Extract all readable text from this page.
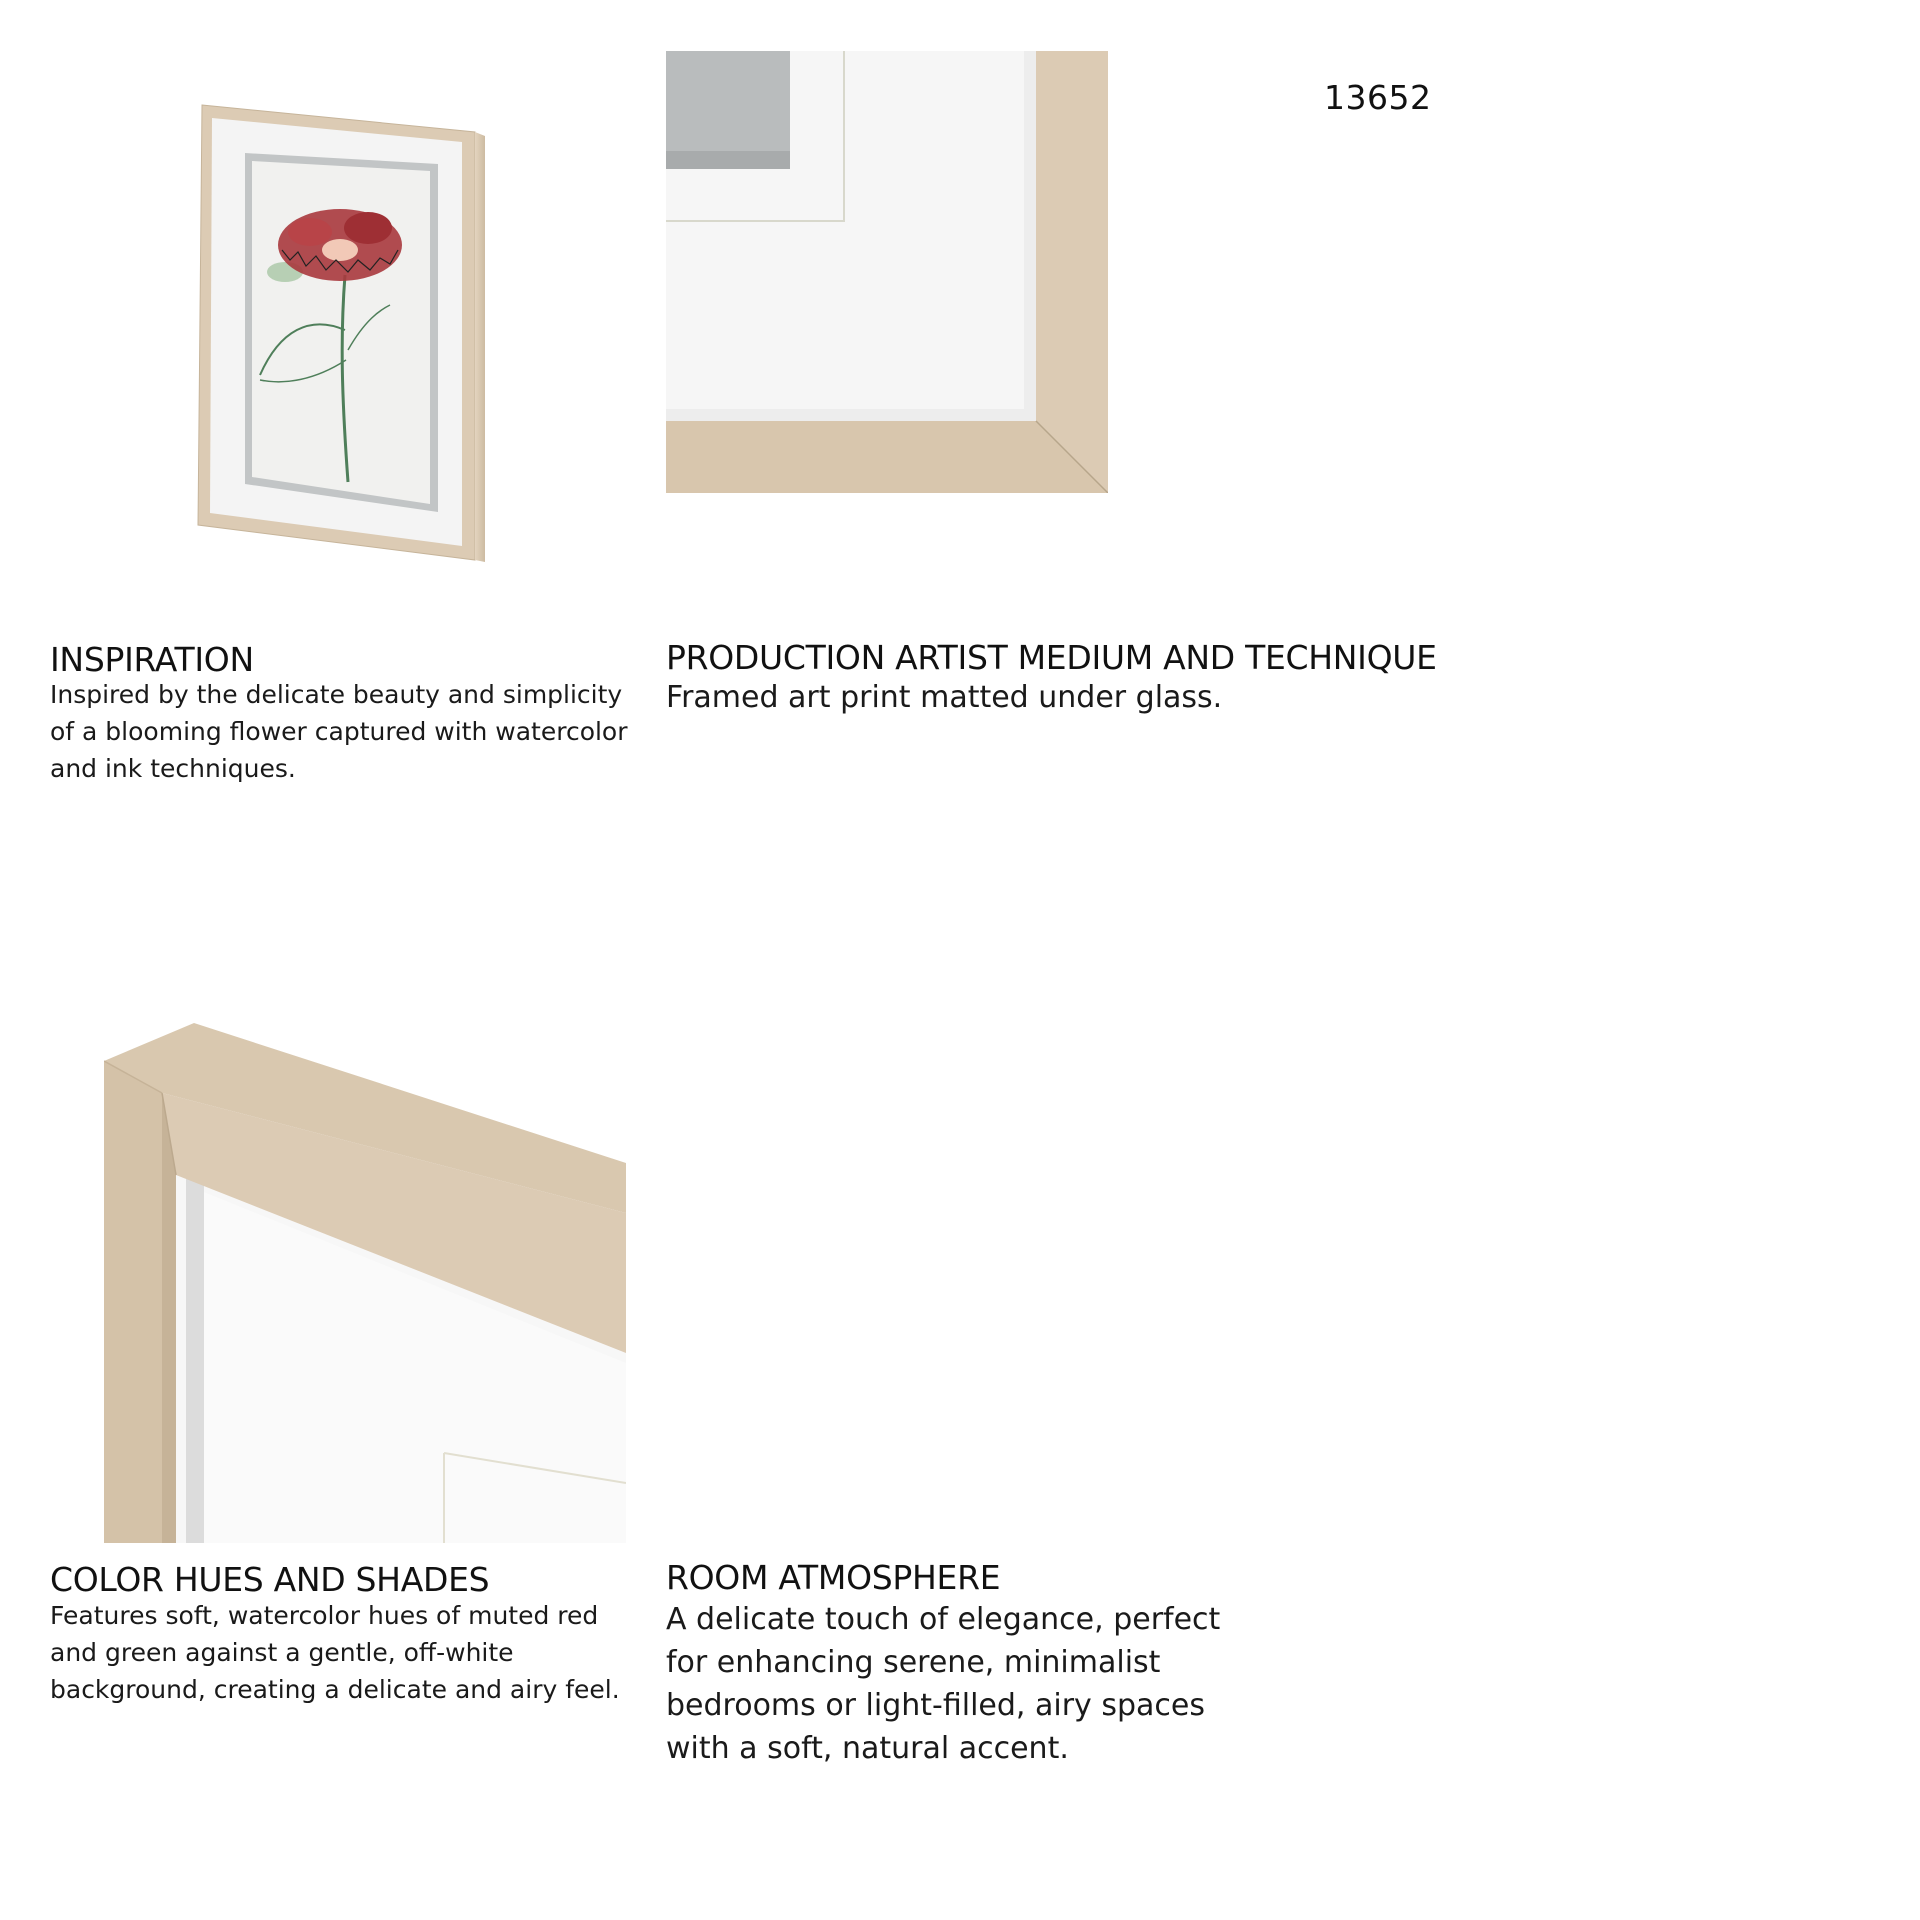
13652
INSPIRATION
Inspired by the delicate beauty and simplicity of a blooming flower captured with watercolor and ink techniques.
PRODUCTION ARTIST MEDIUM AND TECHNIQUE
Framed art print matted under glass.
COLOR HUES AND SHADES
Features soft, watercolor hues of muted red and green against a gentle, off-white background, creating a delicate and airy feel.
ROOM ATMOSPHERE
A delicate touch of elegance, perfect for enhancing serene, minimalist bedrooms or light-filled, airy spaces with a soft, natural accent.
